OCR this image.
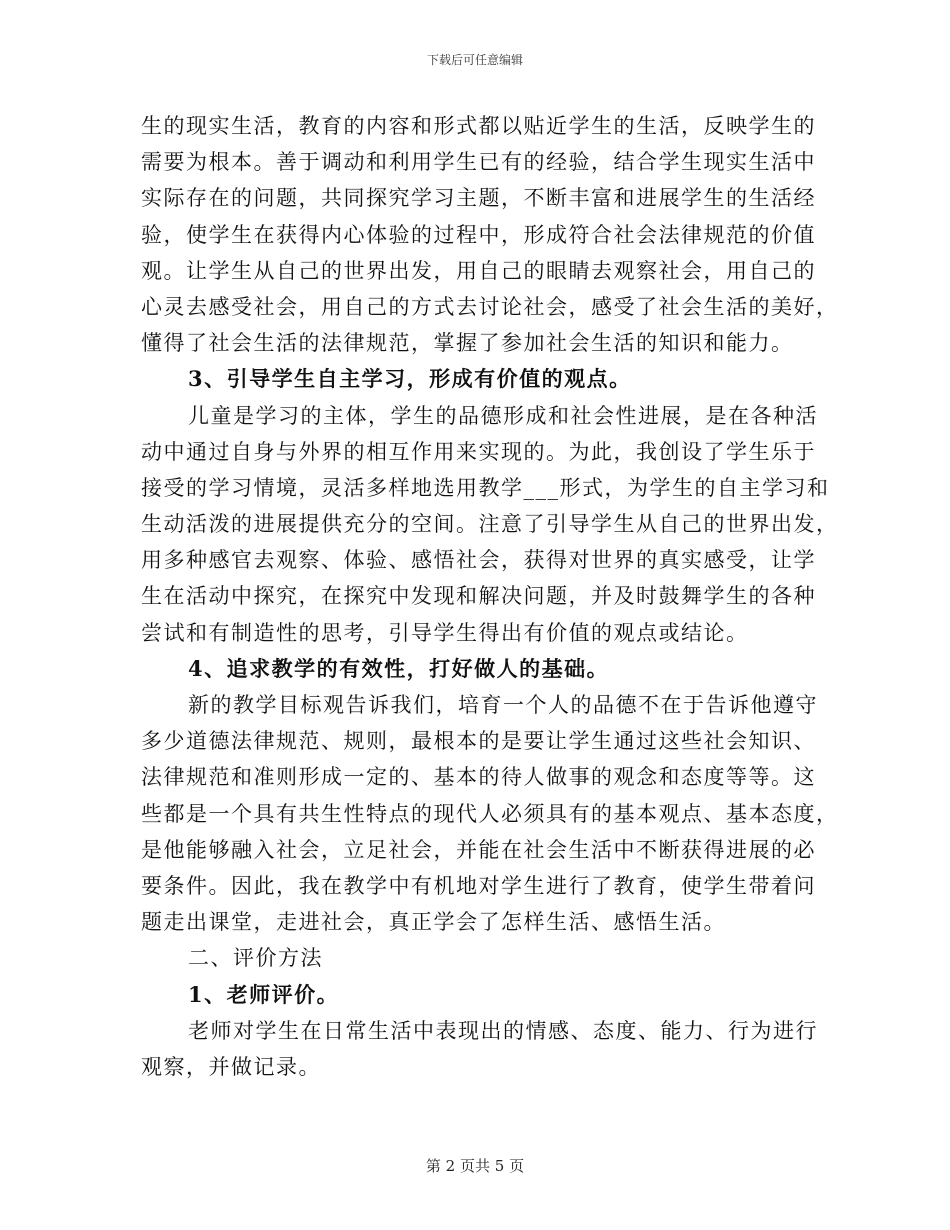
下载后可任意编辑
生的现实生活，教育的内容和形式都以贴近学生的生活，反映学生的
需要为根本。善于调动和利用学生已有的经验，结合学生现实生活中
实际存在的问题，共同探究学习主题，不断丰富和进展学生的生活经
验，使学生在获得内心体验的过程中，形成符合社会法律规范的价值
观。让学生从自己的世界出发，用自己的眼睛去观察社会，用自己的
心灵去感受社会，用自己的方式去讨论社会，感受了社会生活的美好，
懂得了社会生活的法律规范，掌握了参加社会生活的知识和能力。
3、引导学生自主学习，形成有价值的观点。
儿童是学习的主体，学生的品德形成和社会性进展，是在各种活
动中通过自身与外界的相互作用来实现的。为此，我创设了学生乐于
接受的学习情境，灵活多样地选用教学___形式，为学生的自主学习和
生动活泼的进展提供充分的空间。注意了引导学生从自己的世界出发，
用多种感官去观察、体验、感悟社会，获得对世界的真实感受，让学
生在活动中探究，在探究中发现和解决问题，并及时鼓舞学生的各种
尝试和有制造性的思考，引导学生得出有价值的观点或结论。
4、追求教学的有效性，打好做人的基础。
新的教学目标观告诉我们，培育一个人的品德不在于告诉他遵守
多少道德法律规范、规则，最根本的是要让学生通过这些社会知识、
法律规范和准则形成一定的、基本的待人做事的观念和态度等等。这
些都是一个具有共生性特点的现代人必须具有的基本观点、基本态度，
是他能够融入社会，立足社会，并能在社会生活中不断获得进展的必
要条件。因此，我在教学中有机地对学生进行了教育，使学生带着问
题走出课堂，走进社会，真正学会了怎样生活、感悟生活。
二、评价方法
1、老师评价。
老师对学生在日常生活中表现出的情感、态度、能力、行为进行
观察，并做记录。
第 2 页共 5 页
